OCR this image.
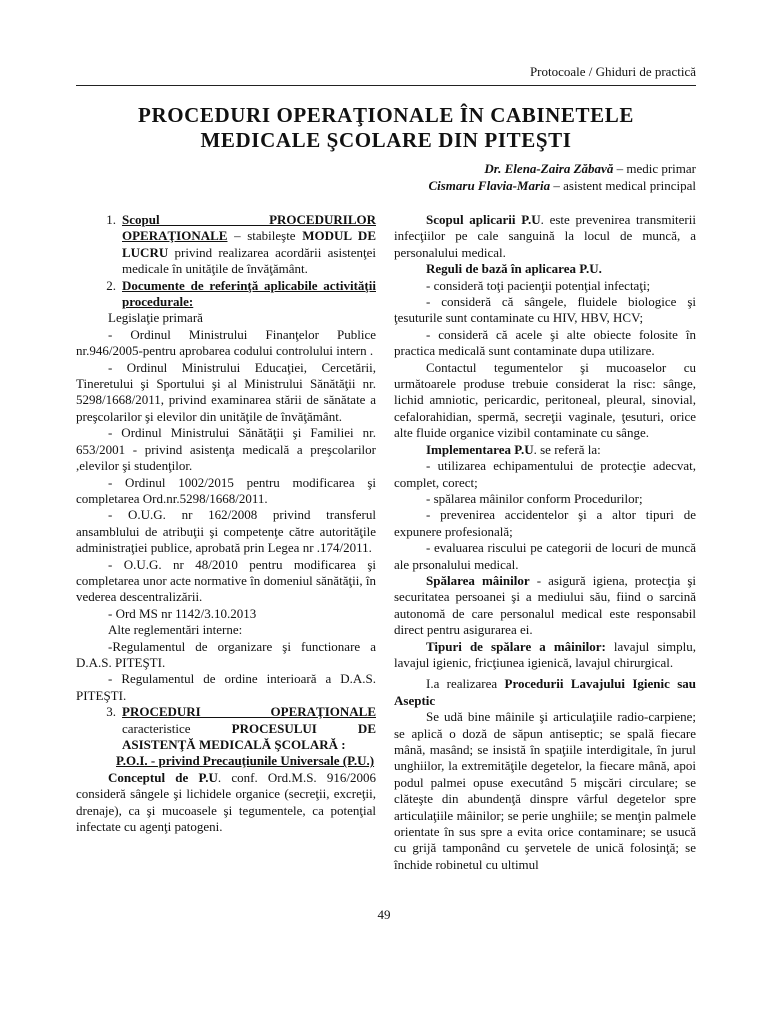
Protocoale / Ghiduri de practică
PROCEDURI OPERAŢIONALE ÎN CABINETELE MEDICALE ŞCOLARE DIN PITEŞTI
Dr. Elena-Zaira Zăbavă – medic primar
Cismaru Flavia-Maria – asistent medical principal
1. Scopul PROCEDURILOR OPERAŢIONALE – stabileşte MODUL DE LUCRU privind realizarea acordării asistenţei medicale în unităţile de învăţământ.
2. Documente de referinţă aplicabile activităţii procedurale:

Legislaţie primară

- Ordinul Ministrului Finanţelor Publice nr.946/2005-pentru aprobarea codului controlului intern .

- Ordinul Ministrului Educaţiei, Cercetării, Tineretului şi Sportului şi al Ministrului Sănătăţii nr. 5298/1668/2011, privind examinarea stării de sănătate a preşcolarilor şi elevilor din unităţile de învăţământ.

- Ordinul Ministrului Sănătăţii şi Familiei nr. 653/2001 - privind asistenţa medicală a preşcolarilor ,elevilor şi studenţilor.

- Ordinul 1002/2015 pentru modificarea şi completarea Ord.nr.5298/1668/2011.

- O.U.G. nr 162/2008 privind transferul ansamblului de atribuţii şi competenţe către autorităţile administraţiei publice, aprobată prin Legea nr .174/2011.

- O.U.G. nr 48/2010 pentru modificarea şi completarea unor acte normative în domeniul sănătăţii, în vederea descentralizării.

- Ord MS nr 1142/3.10.2013

Alte reglementări interne:

-Regulamentul de organizare şi functionare a D.A.S. PITEŞTI.

- Regulamentul de ordine interioară a D.A.S. PITEŞTI.

3. PROCEDURI OPERAŢIONALE caracteristice PROCESULUI DE ASISTENŢĂ MEDICALĂ ŞCOLARĂ :

P.O.I. - privind Precauţiunile Universale (P.U.)

Conceptul de P.U. conf. Ord.M.S. 916/2006 consideră sângele şi lichidele organice (secreţii, excreţii, drenaje), ca şi mucoasele şi tegumentele, ca potenţial infectate cu agenţi patogeni.

Scopul aplicarii P.U. este prevenirea transmiterii infecţiilor pe cale sanguină la locul de muncă, a personalului medical.

Reguli de bază în aplicarea P.U.

- consideră toţi pacienţii potenţial infectaţi;

- consideră că sângele, fluidele biologice şi ţesuturile sunt contaminate cu HIV, HBV, HCV;

- consideră că acele şi alte obiecte folosite în practica medicală sunt contaminate dupa utilizare.

Contactul tegumentelor şi mucoaselor cu următoarele produse trebuie considerat la risc: sânge, lichid amniotic, pericardic, peritoneal, pleural, sinovial, cefalorahidian, spermă, secreţii vaginale, ţesuturi, orice alte fluide organice vizibil contaminate cu sânge.

Implementarea P.U. se referă la:

- utilizarea echipamentului de protecţie adecvat, complet, corect;

- spălarea mâinilor conform Procedurilor;

- prevenirea accidentelor şi a altor tipuri de expunere profesională;

- evaluarea riscului pe categorii de locuri de muncă ale prsonalului medical.

Spălarea mâinilor - asigură igiena, protecţia şi securitatea persoanei şi a mediului său, fiind o sarcină autonomă de care personalul medical este responsabil direct pentru asigurarea ei.

Tipuri de spălare a mâinilor: lavajul simplu, lavajul igienic, fricţiunea igienică, lavajul chirurgical.

I.a realizarea Procedurii Lavajului Igienic sau Aseptic

Se udă bine mâinile şi articulaţiile radio-carpiene; se aplică o doză de săpun antiseptic; se spală fiecare mână, masând; se insistă în spaţiile interdigitale, în jurul unghiilor, la extremităţile degetelor, la fiecare mână, apoi podul palmei opuse executând 5 mişcări circulare; se clăteşte din abundenţă dinspre vârful degetelor spre articulaţiile mâinilor; se perie unghiile; se menţin palmele orientate în sus spre a evita orice contaminare; se usucă cu grijă tamponând cu şervetele de unică folosinţă; se închide robinetul cu ultimul

49
